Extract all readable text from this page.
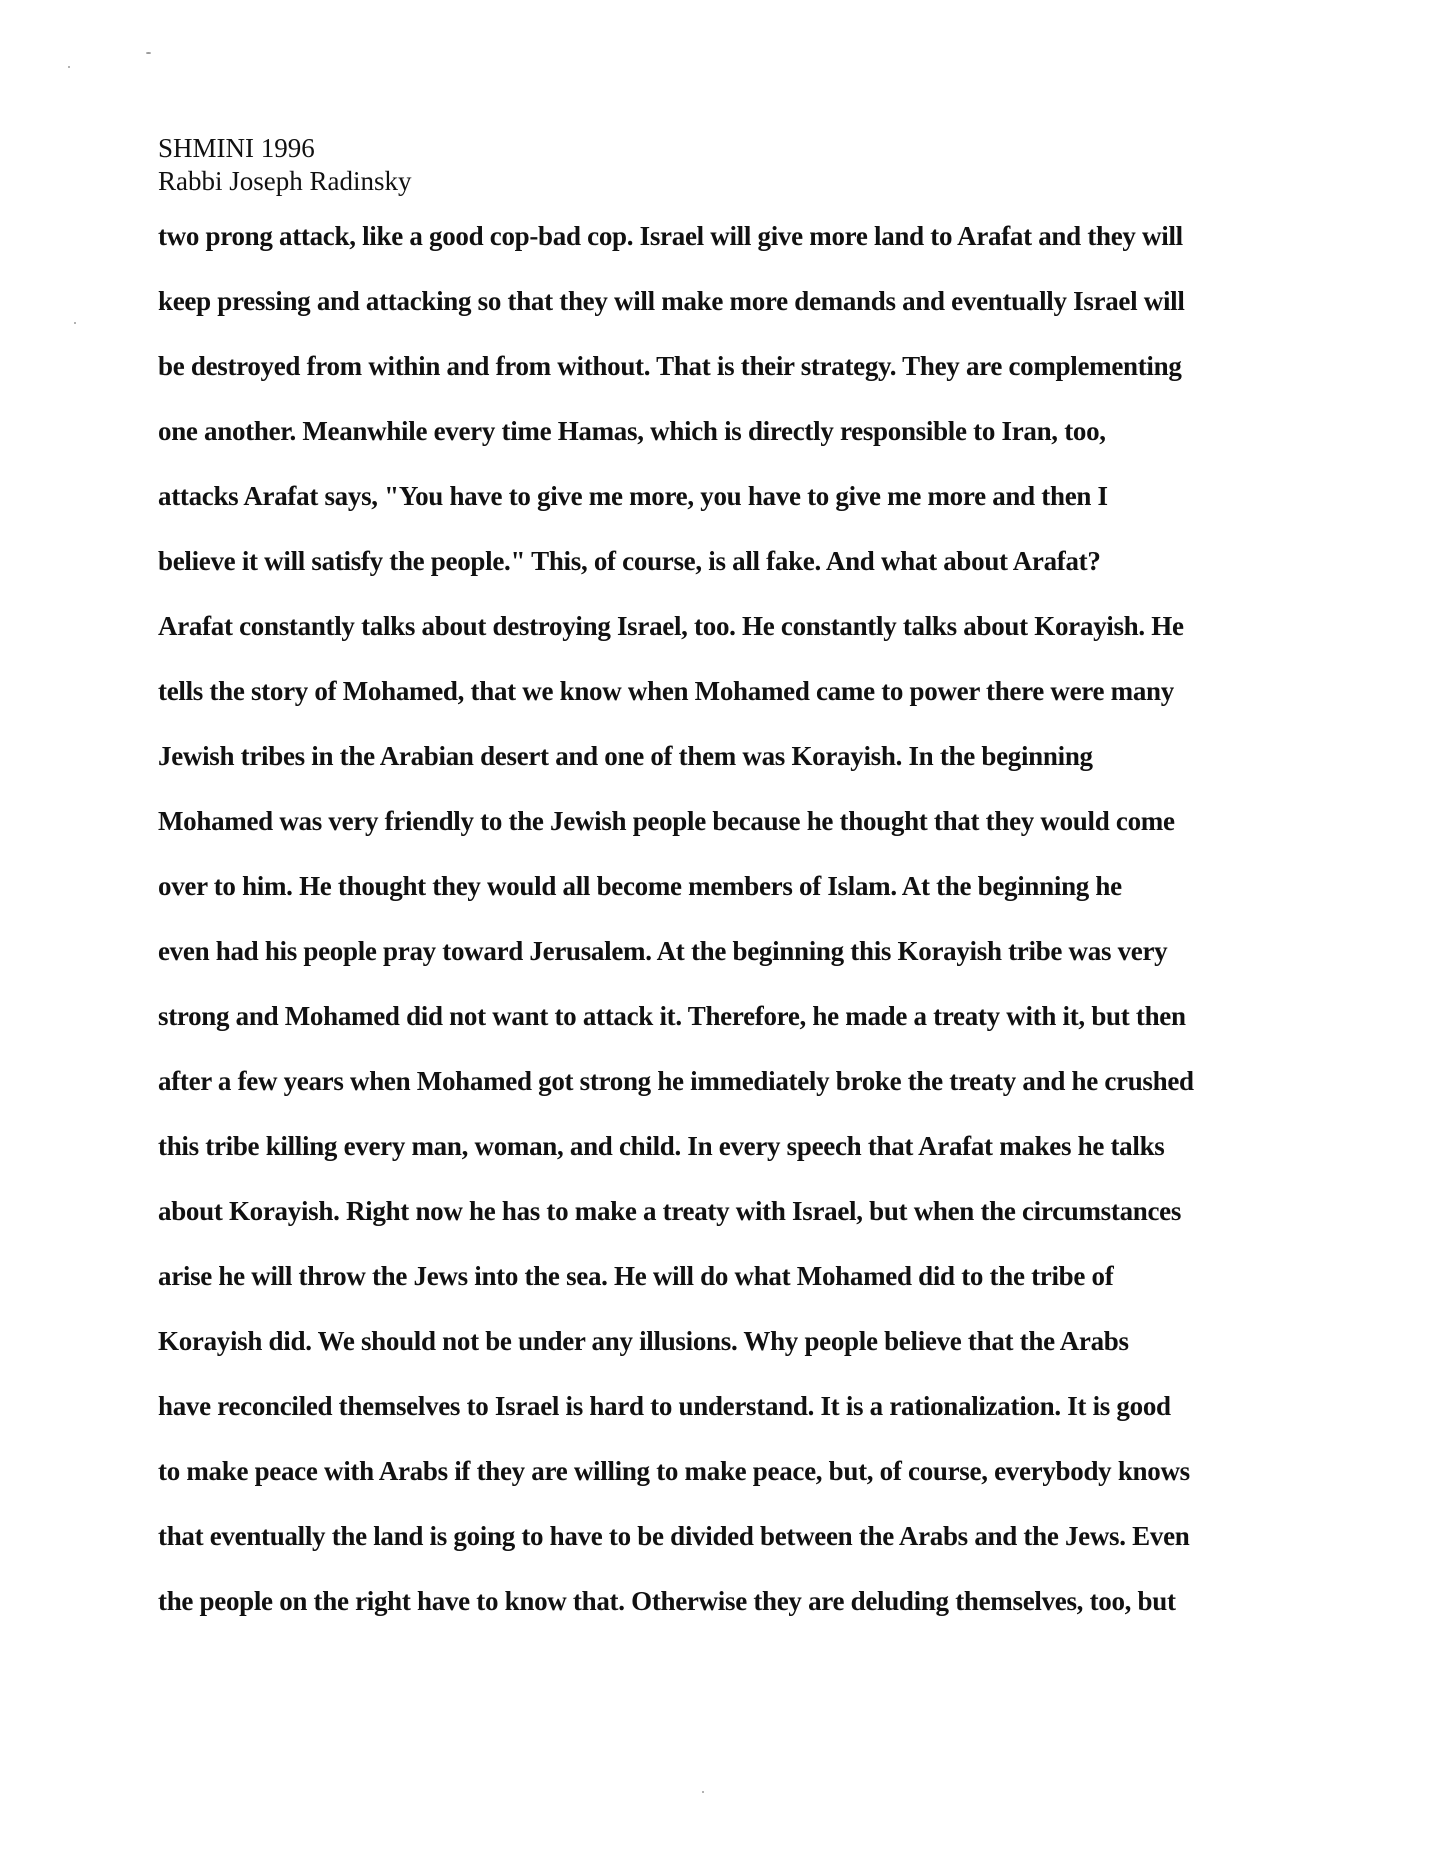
SHMINI 1996
Rabbi Joseph Radinsky
two prong attack, like a good cop-bad cop. Israel will give more land to Arafat and they will
keep pressing and attacking so that they will make more demands and eventually Israel will
be destroyed from within and from without. That is their strategy. They are complementing
one another. Meanwhile every time Hamas, which is directly responsible to Iran, too,
attacks Arafat says, "You have to give me more, you have to give me more and then I
believe it will satisfy the people." This, of course, is all fake. And what about Arafat?
Arafat constantly talks about destroying Israel, too. He constantly talks about Korayish. He
tells the story of Mohamed, that we know when Mohamed came to power there were many
Jewish tribes in the Arabian desert and one of them was Korayish. In the beginning
Mohamed was very friendly to the Jewish people because he thought that they would come
over to him. He thought they would all become members of Islam. At the beginning he
even had his people pray toward Jerusalem. At the beginning this Korayish tribe was very
strong and Mohamed did not want to attack it. Therefore, he made a treaty with it, but then
after a few years when Mohamed got strong he immediately broke the treaty and he crushed
this tribe killing every man, woman, and child. In every speech that Arafat makes he talks
about Korayish. Right now he has to make a treaty with Israel, but when the circumstances
arise he will throw the Jews into the sea. He will do what Mohamed did to the tribe of
Korayish did. We should not be under any illusions. Why people believe that the Arabs
have reconciled themselves to Israel is hard to understand. It is a rationalization. It is good
to make peace with Arabs if they are willing to make peace, but, of course, everybody knows
that eventually the land is going to have to be divided between the Arabs and the Jews. Even
the people on the right have to know that. Otherwise they are deluding themselves, too, but
